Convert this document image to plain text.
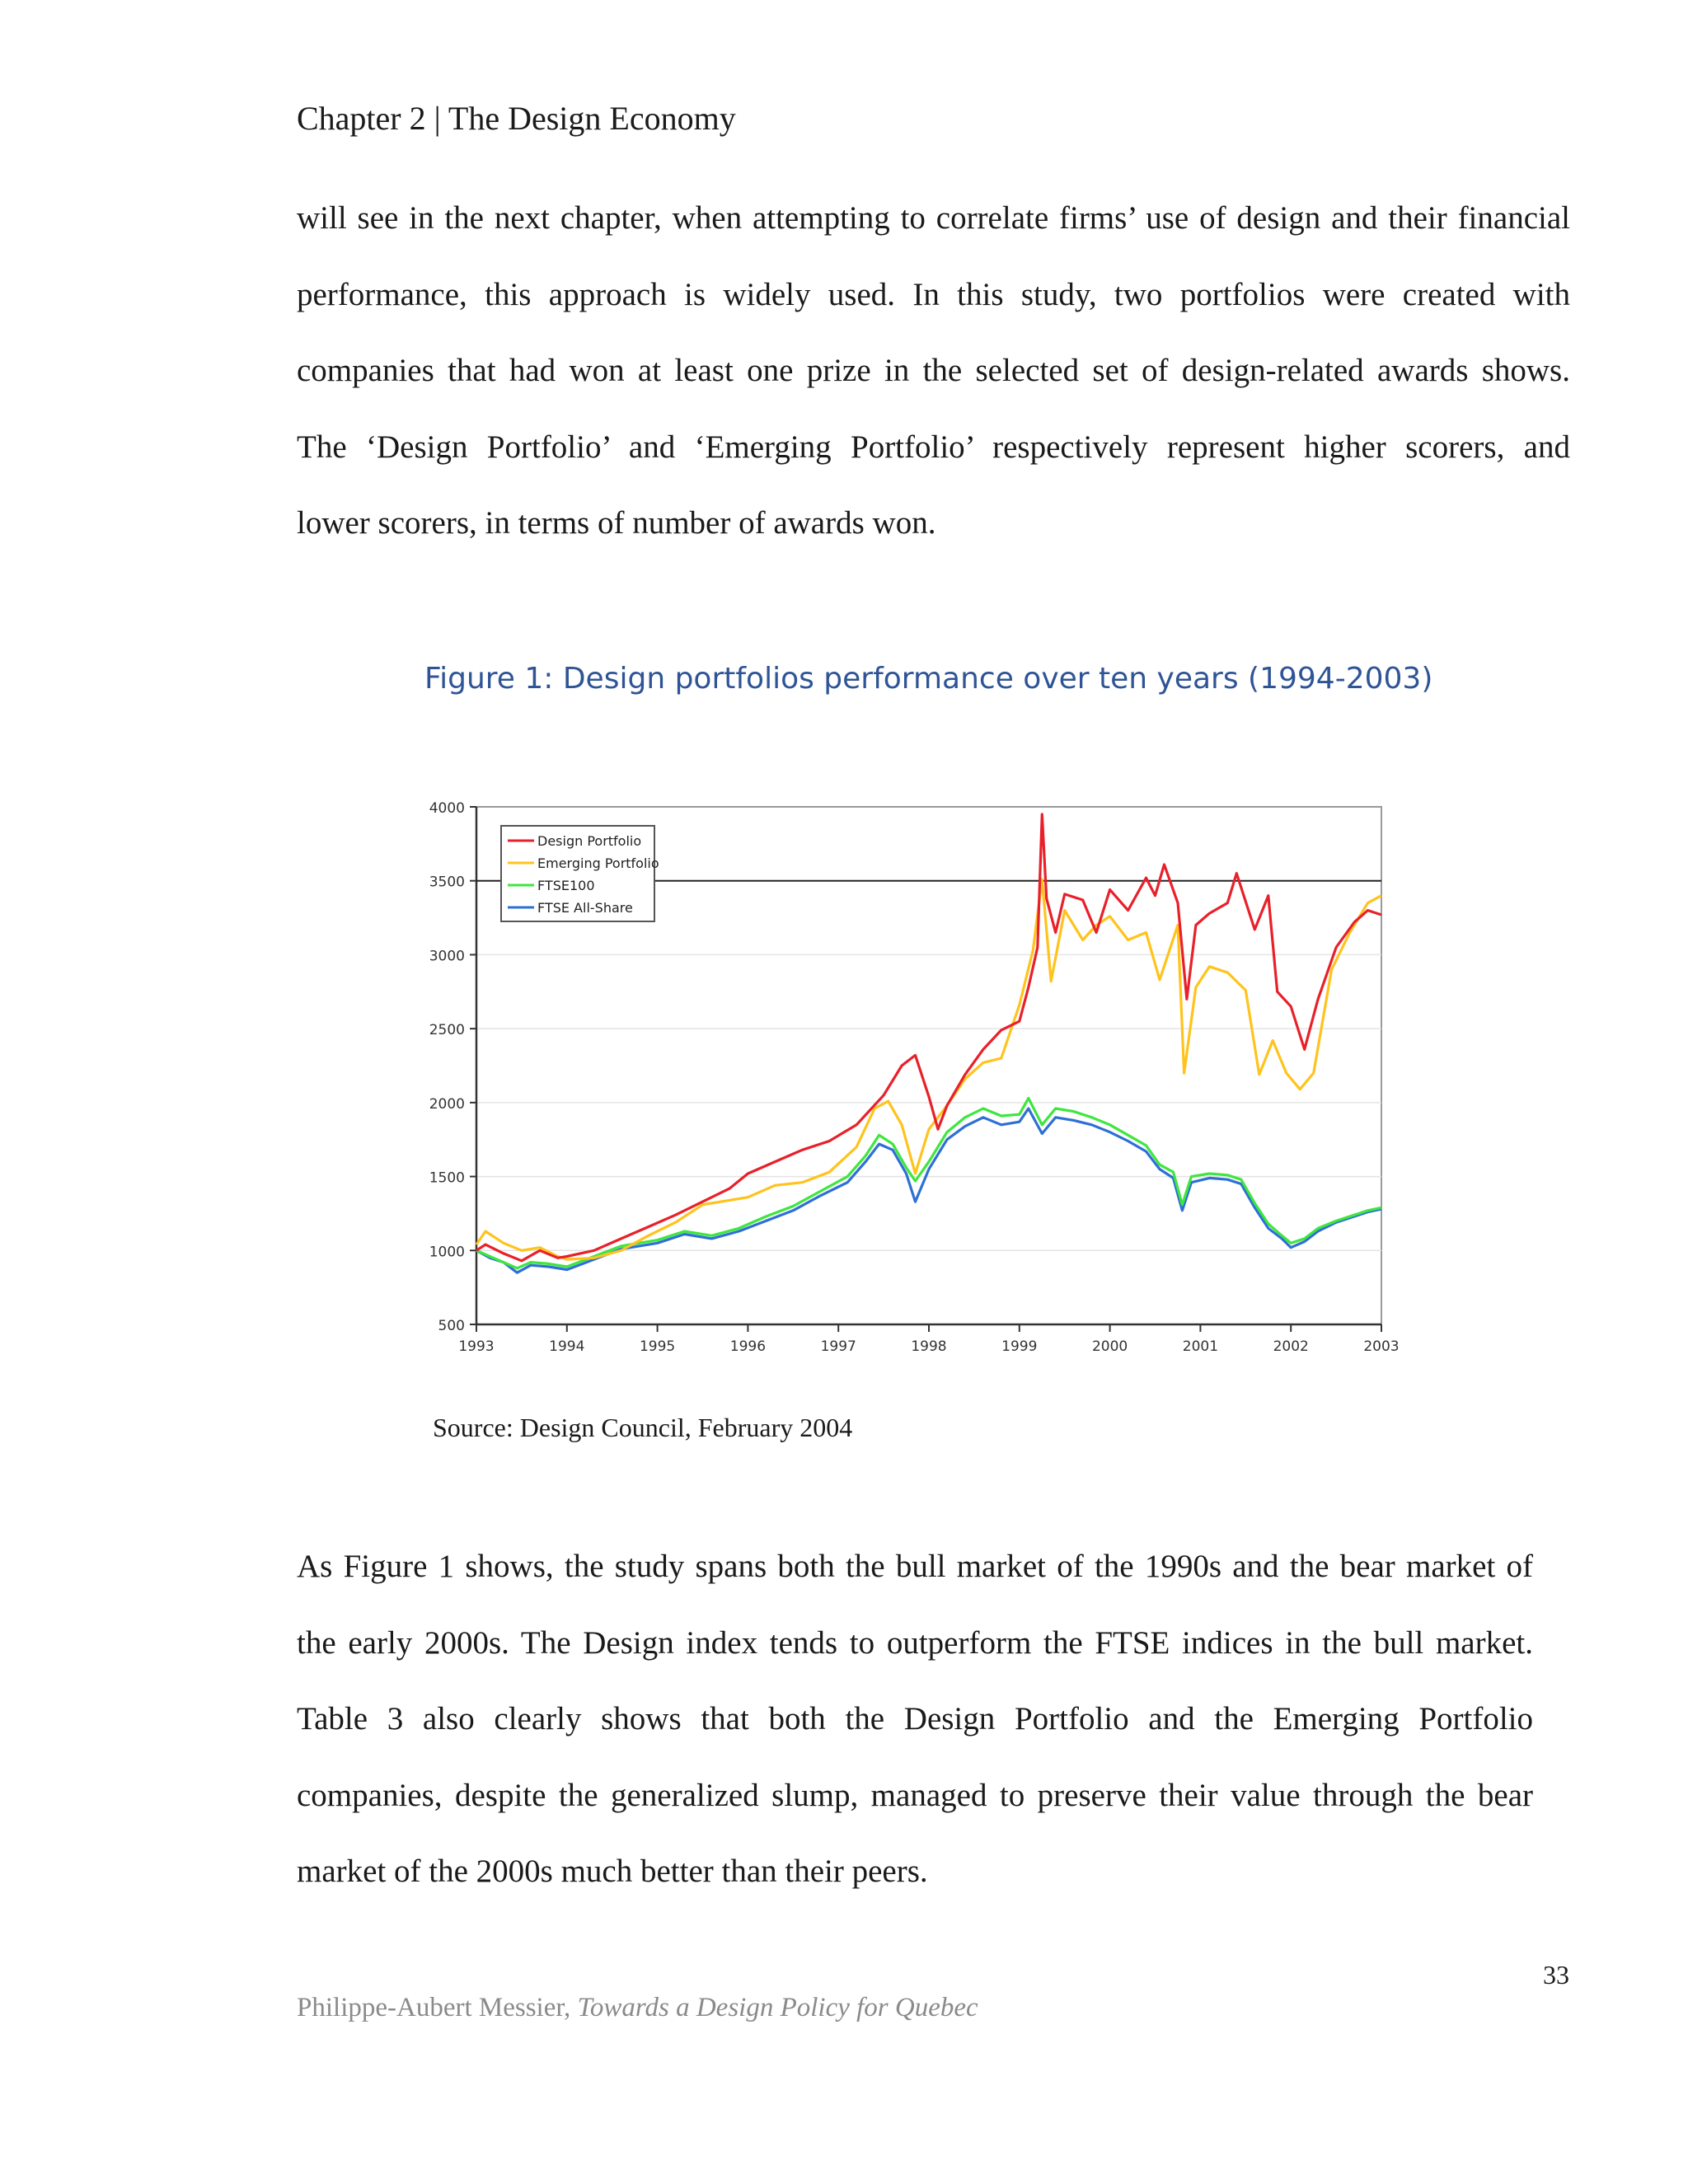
Chapter 2 | The Design Economy
will see in the next chapter, when attempting to correlate firms’ use of design and their financial
performance, this approach is widely used. In this study, two portfolios were created with
companies that had won at least one prize in the selected set of design-related awards shows.
The ‘Design Portfolio’ and ‘Emerging Portfolio’ respectively represent higher scorers, and
lower scorers, in terms of number of awards won.
Figure 1: Design portfolios performance over ten years (1994-2003)
4000
3500
3000
2500
2000
1500
1000
500
1993	1994	1995	1996	1997	1998	1999	2000	2001	2002	2003
Design Portfolio
Emerging Portfolio
FTSE100
FTSE All-Share
Source: Design Council, February 2004
As Figure 1 shows, the study spans both the bull market of the 1990s and the bear market of
the early 2000s. The Design index tends to outperform the FTSE indices in the bull market.
Table 3 also clearly shows that both the Design Portfolio and the Emerging Portfolio
companies, despite the generalized slump, managed to preserve their value through the bear
market of the 2000s much better than their peers.
33
Philippe-Aubert Messier, Towards a Design Policy for Quebec
